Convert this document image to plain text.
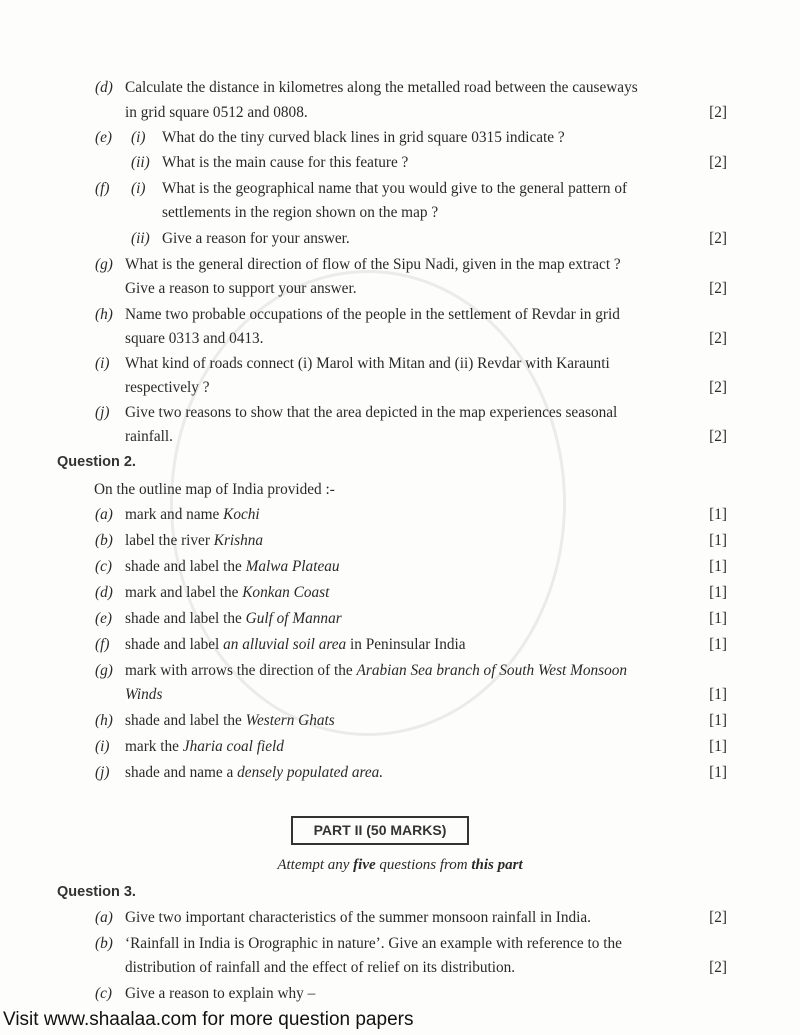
(d) Calculate the distance in kilometres along the metalled road between the causeways
in grid square 0512 and 0808.	[2]
(e) (i) What do the tiny curved black lines in grid square 0315 indicate ?
(ii) What is the main cause for this feature ?	[2]
(f) (i) What is the geographical name that you would give to the general pattern of
settlements in the region shown on the map ?
(ii) Give a reason for your answer.	[2]
(g) What is the general direction of flow of the Sipu Nadi, given in the map extract ?
Give a reason to support your answer.	[2]
(h) Name two probable occupations of the people in the settlement of Revdar in grid
square 0313 and 0413.	[2]
(i) What kind of roads connect (i) Marol with Mitan and (ii) Revdar with Karaunti
respectively ?	[2]
(j) Give two reasons to show that the area depicted in the map experiences seasonal
rainfall.	[2]
Question 2.
On the outline map of India provided :-
(a) mark and name Kochi	[1]
(b) label the river Krishna	[1]
(c) shade and label the Malwa Plateau	[1]
(d) mark and label the Konkan Coast	[1]
(e) shade and label the Gulf of Mannar	[1]
(f) shade and label an alluvial soil area in Peninsular India	[1]
(g) mark with arrows the direction of the Arabian Sea branch of South West Monsoon
Winds	[1]
(h) shade and label the Western Ghats	[1]
(i) mark the Jharia coal field	[1]
(j) shade and name a densely populated area.	[1]
PART II (50 MARKS)
Attempt any five questions from this part
Question 3.
(a) Give two important characteristics of the summer monsoon rainfall in India.	[2]
(b) ‘Rainfall in India is Orographic in nature’. Give an example with reference to the
distribution of rainfall and the effect of relief on its distribution.	[2]
(c) Give a reason to explain why –
Visit www.shaalaa.com for more question papers
